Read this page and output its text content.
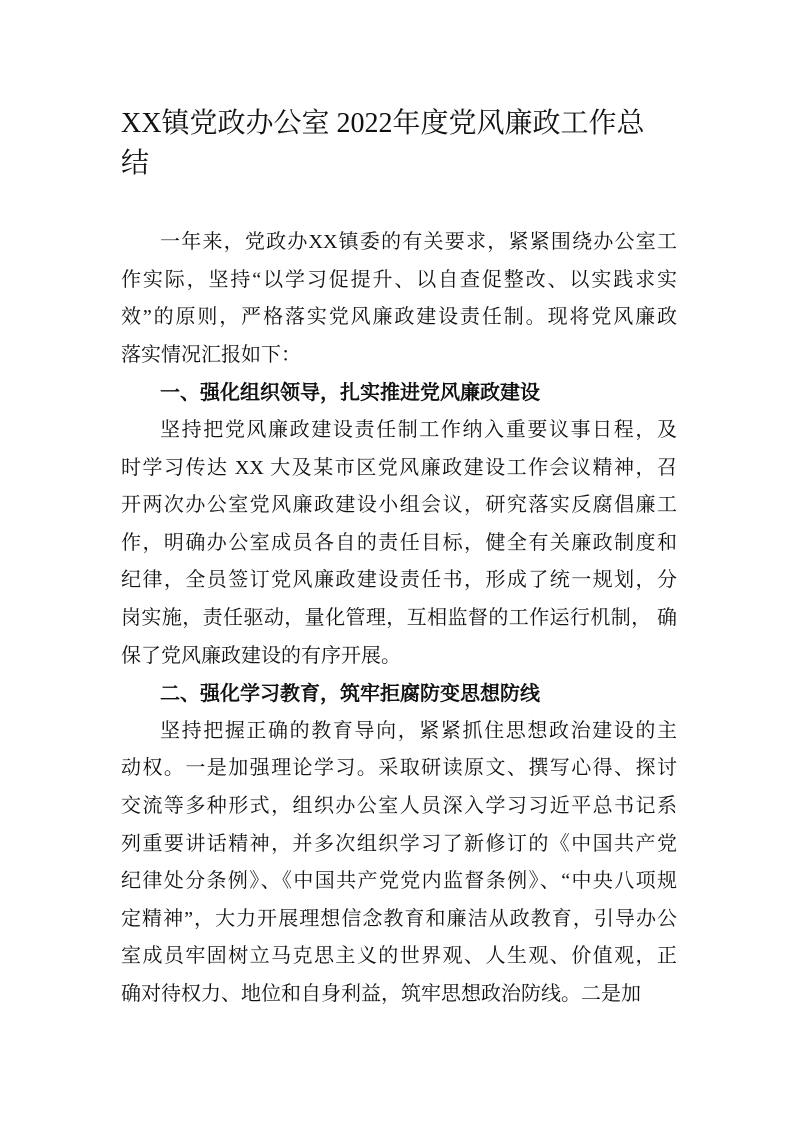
XX镇党政办公室 2022年度党风廉政工作总
结
一年来，党政办XX镇委的有关要求，紧紧围绕办公室工
作实际，坚持“以学习促提升、以自查促整改、以实践求实
效”的原则，严格落实党风廉政建设责任制。现将党风廉政
落实情况汇报如下：
一、强化组织领导，扎实推进党风廉政建设
坚持把党风廉政建设责任制工作纳入重要议事日程，及
时学习传达 XX 大及某市区党风廉政建设工作会议精神，召
开两次办公室党风廉政建设小组会议，研究落实反腐倡廉工
作，明确办公室成员各自的责任目标，健全有关廉政制度和
纪律，全员签订党风廉政建设责任书，形成了统一规划，分
岗实施，责任驱动，量化管理，互相监督的工作运行机制， 确
保了党风廉政建设的有序开展。
二、强化学习教育，筑牢拒腐防变思想防线
坚持把握正确的教育导向，紧紧抓住思想政治建设的主
动权。一是加强理论学习。采取研读原文、撰写心得、探讨
交流等多种形式，组织办公室人员深入学习习近平总书记系
列重要讲话精神，并多次组织学习了新修订的《中国共产党
纪律处分条例》、《中国共产党党内监督条例》、“中央八项规
定精神”，大力开展理想信念教育和廉洁从政教育，引导办公
室成员牢固树立马克思主义的世界观、人生观、价值观，正
确对待权力、地位和自身利益，筑牢思想政治防线。二是加
